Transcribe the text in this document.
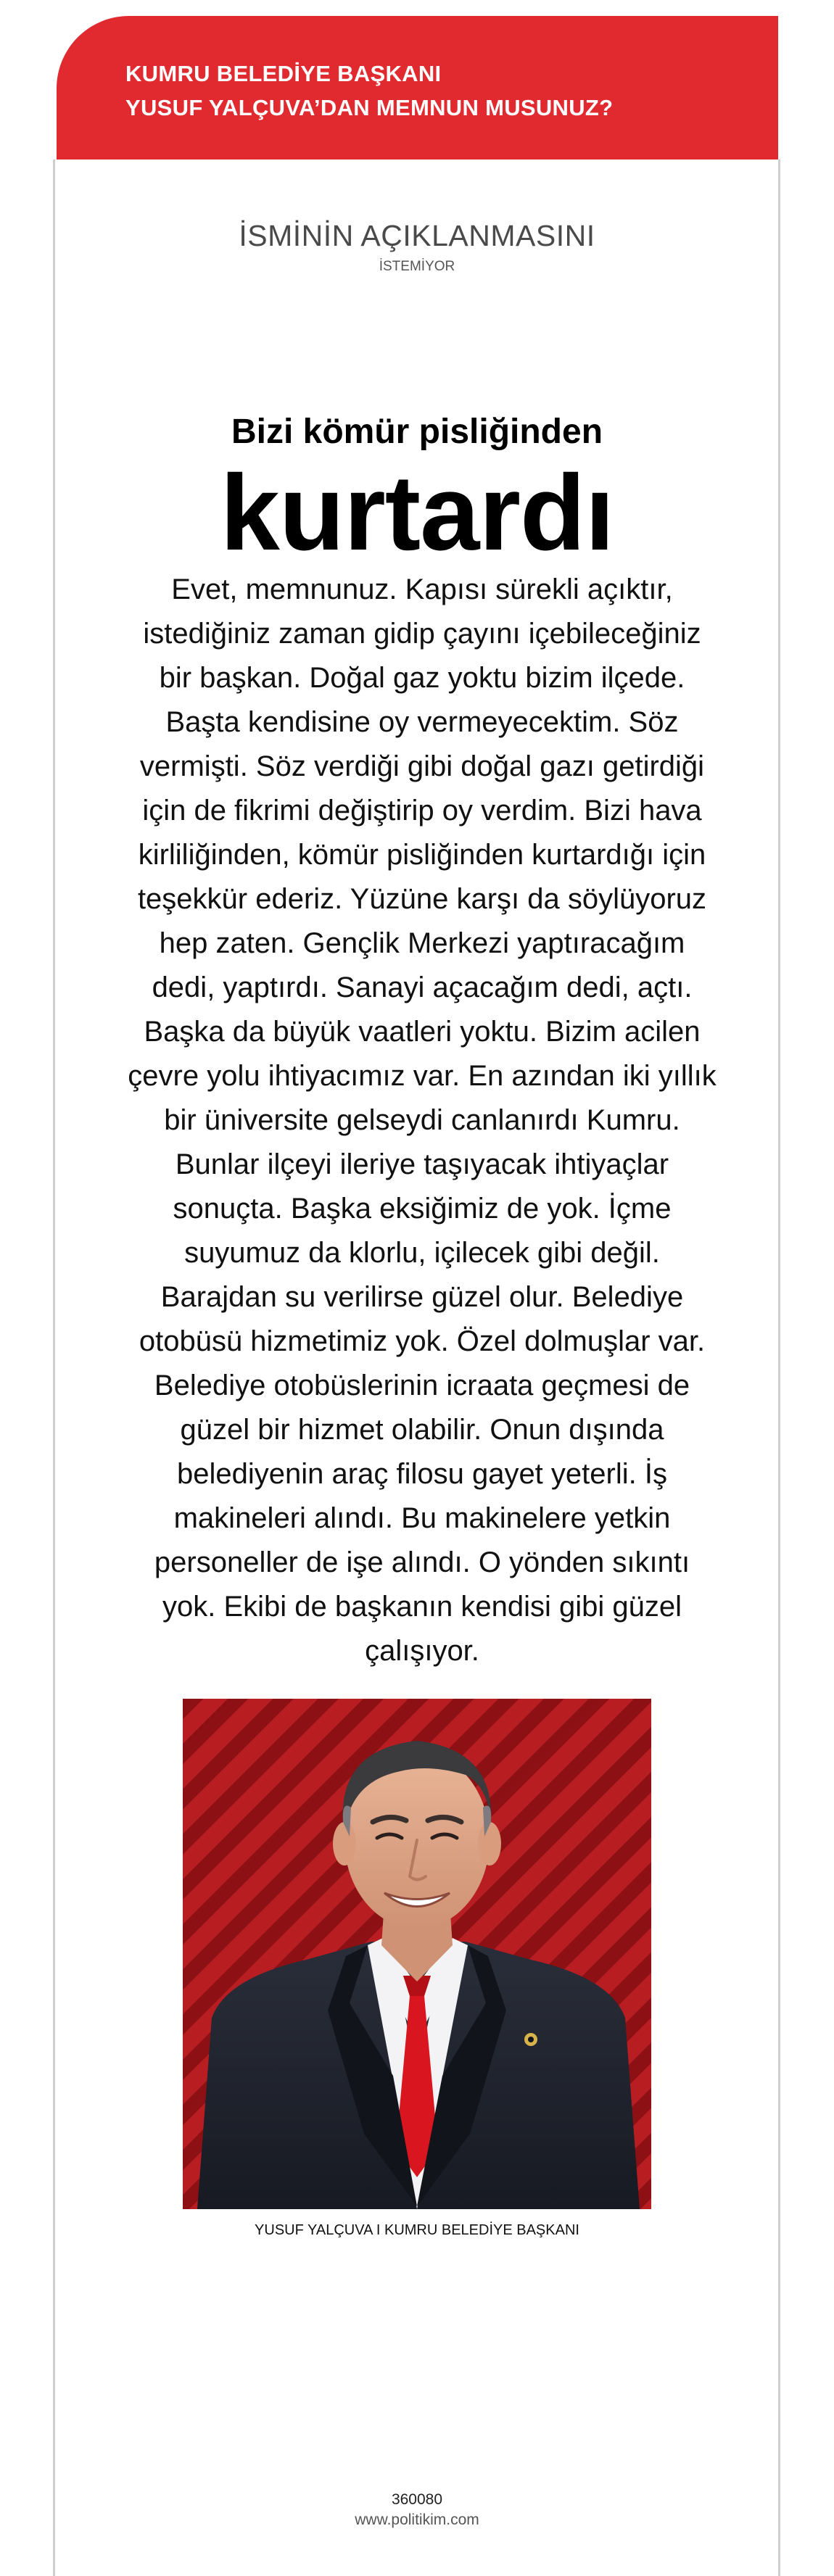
KUMRU BELEDİYE BAŞKANI
YUSUF YALÇUVA’DAN MEMNUN MUSUNUZ?
İSMİNİN AÇIKLANMASINI
İSTEMİYOR
Bizi kömür pisliğinden
kurtardı

Evet, memnunuz. Kapısı sürekli açıktır, istediğiniz zaman gidip çayını içebileceğiniz bir başkan. Doğal gaz yoktu bizim ilçede. Başta kendisine oy vermeyecektim. Söz vermişti. Söz verdiği gibi doğal gazı getirdiği için de fikrimi değiştirip oy verdim. Bizi hava kirliliğinden, kömür pisliğinden kurtardığı için teşekkür ederiz. Yüzüne karşı da söylüyoruz hep zaten. Gençlik Merkezi yaptıracağım dedi, yaptırdı. Sanayi açacağım dedi, açtı. Başka da büyük vaatleri yoktu. Bizim acilen çevre yolu ihtiyacımız var. En azından iki yıllık bir üniversite gelseydi canlanırdı Kumru. Bunlar ilçeyi ileriye taşıyacak ihtiyaçlar sonuçta. Başka eksiğimiz de yok. İçme suyumuz da klorlu, içilecek gibi değil. Barajdan su verilirse güzel olur. Belediye otobüsü hizmetimiz yok. Özel dolmuşlar var. Belediye otobüslerinin icraata geçmesi de güzel bir hizmet olabilir. Onun dışında belediyenin araç filosu gayet yeterli. İş makineleri alındı. Bu makinelere yetkin personeller de işe alındı. O yönden sıkıntı yok. Ekibi de başkanın kendisi gibi güzel çalışıyor.

YUSUF YALÇUVA I KUMRU BELEDİYE BAŞKANI
360080
www.politikim.com
